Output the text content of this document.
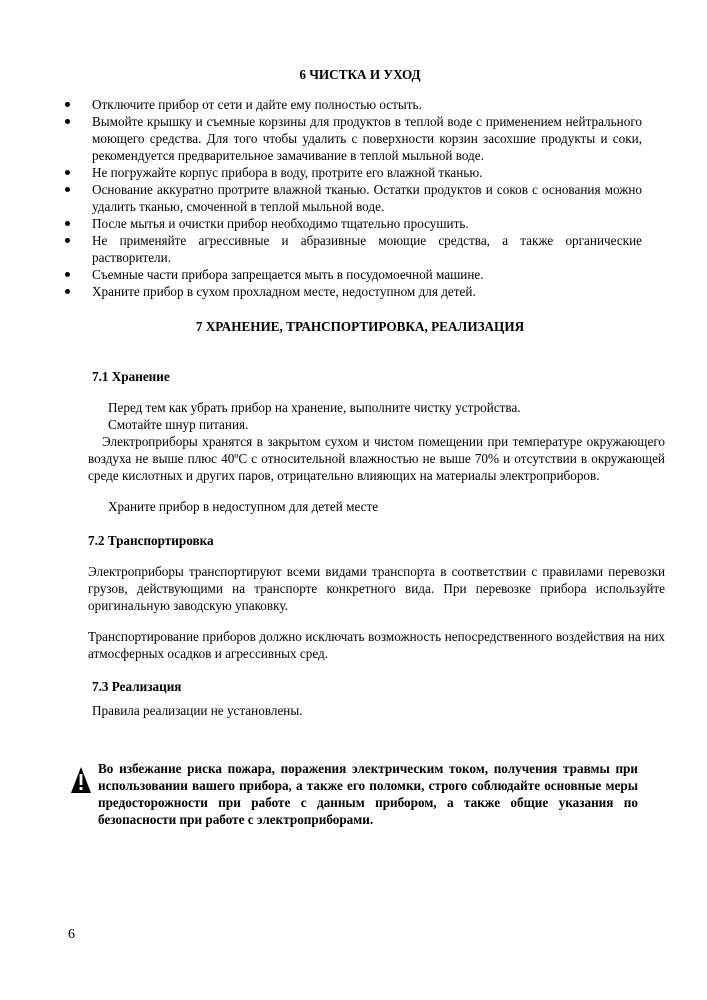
6 ЧИСТКА И УХОД
Отключите прибор от сети и дайте ему полностью остыть.
Вымойте крышку и съемные корзины для продуктов в теплой воде с применением нейтрального моющего средства. Для того чтобы удалить с поверхности корзин засохшие продукты и соки, рекомендуется предварительное замачивание в теплой мыльной воде.
Не погружайте корпус прибора в воду, протрите его влажной тканью.
Основание аккуратно протрите влажной тканью. Остатки продуктов и соков с основания можно удалить тканью, смоченной в теплой мыльной воде.
После мытья и очистки прибор необходимо тщательно просушить.
Не применяйте агрессивные и абразивные моющие средства, а также органические растворители.
Съемные части прибора запрещается мыть в посудомоечной машине.
Храните прибор в сухом прохладном месте, недоступном для детей.
7 ХРАНЕНИЕ, ТРАНСПОРТИРОВКА, РЕАЛИЗАЦИЯ
7.1 Хранение
Перед тем как убрать прибор на хранение, выполните чистку устройства.
Смотайте шнур питания.
Электроприборы хранятся в закрытом сухом и чистом помещении при температуре окружающего воздуха не выше плюс 40ºС с относительной влажностью не выше 70% и отсутствии в окружающей среде кислотных и других паров, отрицательно влияющих на материалы электроприборов.
Храните прибор в недоступном для детей месте
7.2 Транспортировка
Электроприборы транспортируют всеми видами транспорта в соответствии с правилами перевозки грузов, действующими на транспорте конкретного вида. При перевозке прибора используйте оригинальную заводскую упаковку.
Транспортирование приборов должно исключать возможность непосредственного воздействия на них атмосферных осадков и агрессивных сред.
7.3 Реализация
Правила реализации не установлены.
Во избежание риска пожара, поражения электрическим током, получения травмы при использовании вашего прибора, а также его поломки, строго соблюдайте основные меры предосторожности при работе с данным прибором, а также общие указания по безопасности при работе с электроприборами.
6
